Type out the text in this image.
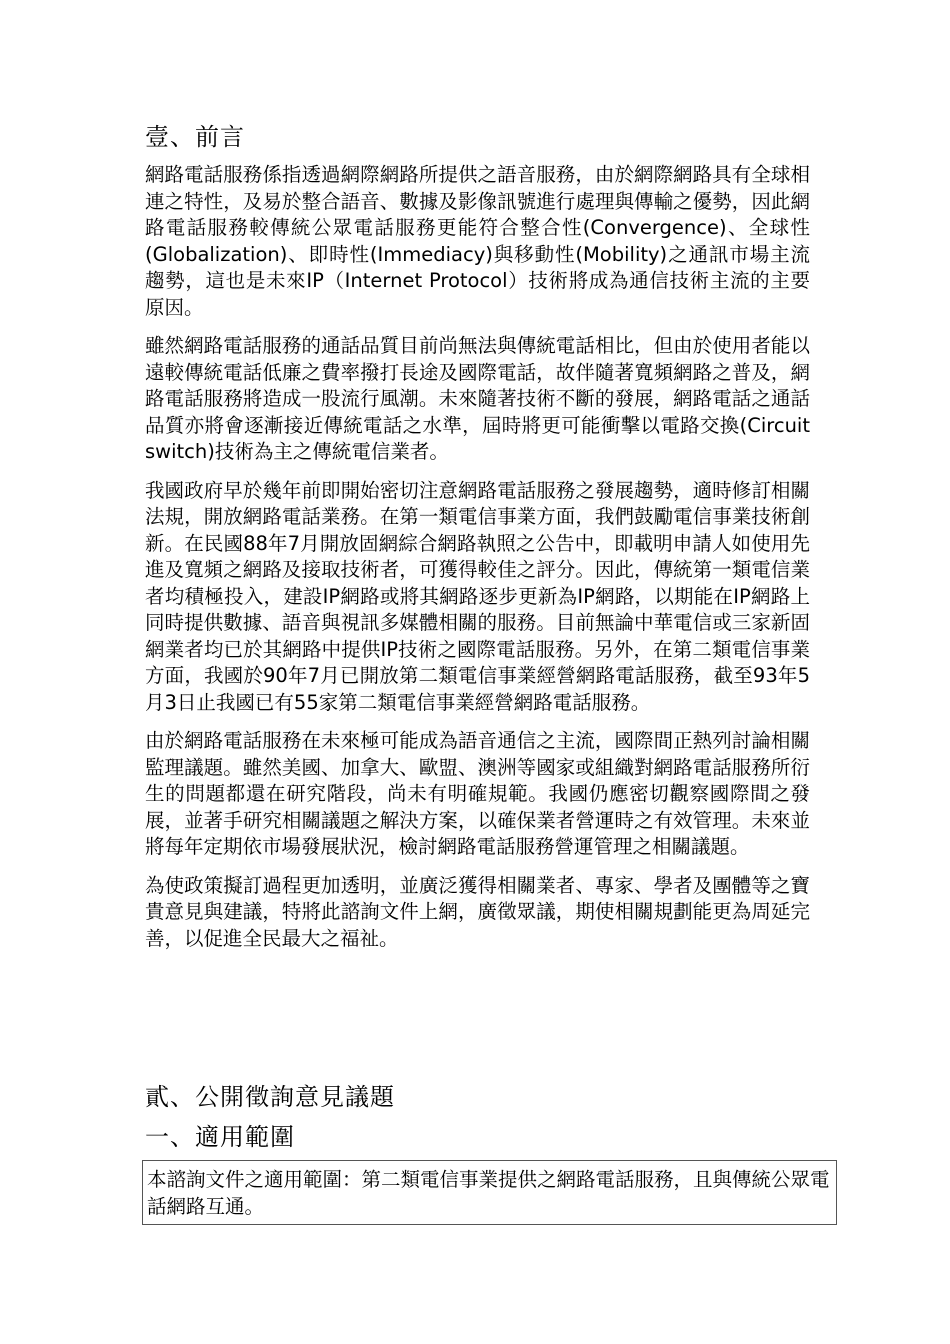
壹、前言

網路電話服務係指透過網際網路所提供之語音服務，由於網際網路具有全球相連之特性，及易於整合語音、數據及影像訊號進行處理與傳輸之優勢，因此網路電話服務較傳統公眾電話服務更能符合整合性(Convergence)、全球性(Globalization)、即時性(Immediacy)與移動性(Mobility)之通訊市場主流趨勢，這也是未來IP（Internet Protocol）技術將成為通信技術主流的主要原因。

雖然網路電話服務的通話品質目前尚無法與傳統電話相比，但由於使用者能以遠較傳統電話低廉之費率撥打長途及國際電話，故伴隨著寬頻網路之普及，網路電話服務將造成一股流行風潮。未來隨著技術不斷的發展，網路電話之通話品質亦將會逐漸接近傳統電話之水準，屆時將更可能衝擊以電路交換(Circuit switch)技術為主之傳統電信業者。

我國政府早於幾年前即開始密切注意網路電話服務之發展趨勢，適時修訂相關法規，開放網路電話業務。在第一類電信事業方面，我們鼓勵電信事業技術創新。在民國88年7月開放固網綜合網路執照之公告中，即載明申請人如使用先進及寬頻之網路及接取技術者，可獲得較佳之評分。因此，傳統第一類電信業者均積極投入，建設IP網路或將其網路逐步更新為IP網路，以期能在IP網路上同時提供數據、語音與視訊多媒體相關的服務。目前無論中華電信或三家新固網業者均已於其網路中提供IP技術之國際電話服務。另外，在第二類電信事業方面，我國於90年7月已開放第二類電信事業經營網路電話服務，截至93年5月3日止我國已有55家第二類電信事業經營網路電話服務。

由於網路電話服務在未來極可能成為語音通信之主流，國際間正熱列討論相關監理議題。雖然美國、加拿大、歐盟、澳洲等國家或組織對網路電話服務所衍生的問題都還在研究階段，尚未有明確規範。我國仍應密切觀察國際間之發展，並著手研究相關議題之解決方案，以確保業者營運時之有效管理。未來並將每年定期依市場發展狀況，檢討網路電話服務營運管理之相關議題。

為使政策擬訂過程更加透明，並廣泛獲得相關業者、專家、學者及團體等之寶貴意見與建議，特將此諮詢文件上網，廣徵眾議，期使相關規劃能更為周延完善，以促進全民最大之福祉。

貳、公開徵詢意見議題
一、適用範圍
本諮詢文件之適用範圍：第二類電信事業提供之網路電話服務，且與傳統公眾電話網路互通。
